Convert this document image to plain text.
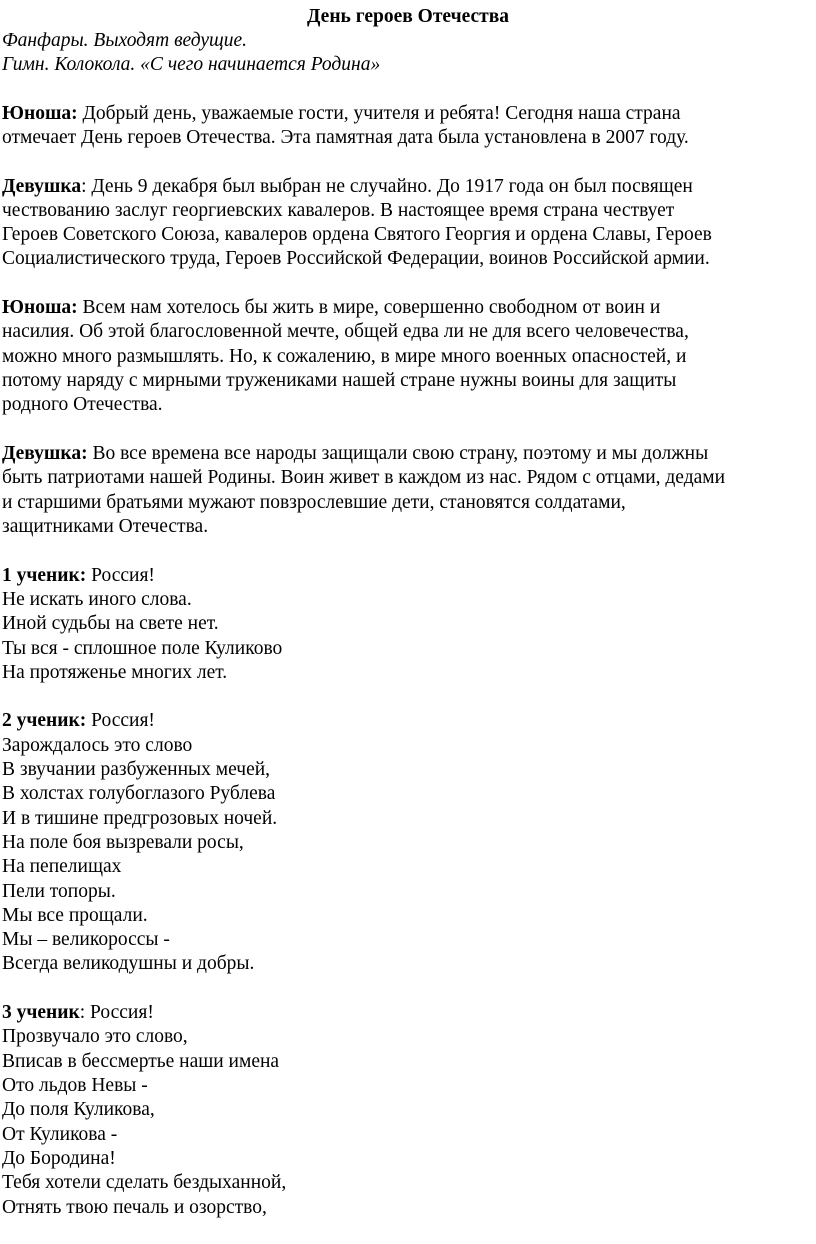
День героев Отечества
Фанфары. Выходят ведущие.
Гимн. Колокола. «С чего начинается Родина»
Юноша: Добрый день, уважаемые гости, учителя и ребята! Сегодня наша страна
отмечает День героев Отечества. Эта памятная дата была установлена в 2007 году.
Девушка: День 9 декабря был выбран не случайно. До 1917 года он был посвящен
чествованию заслуг георгиевских кавалеров. В настоящее время страна чествует
Героев Советского Союза, кавалеров ордена Святого Георгия и ордена Славы, Героев
Социалистического труда, Героев Российской Федерации, воинов Российской армии.
Юноша: Всем нам хотелось бы жить в мире, совершенно свободном от воин и
насилия. Об этой благословенной мечте, общей едва ли не для всего человечества,
можно много размышлять. Но, к сожалению, в мире много военных опасностей, и
потому наряду с мирными тружениками нашей стране нужны воины для защиты
родного Отечества.
Девушка: Во все времена все народы защищали свою страну, поэтому и мы должны
быть патриотами нашей Родины. Воин живет в каждом из нас. Рядом с отцами, дедами
и старшими братьями мужают повзрослевшие дети, становятся солдатами,
защитниками Отечества.
1 ученик: Россия!
Не искать иного слова.
Иной судьбы на свете нет.
Ты вся - сплошное поле Куликово
На протяженье многих лет.
2 ученик: Россия!
Зарождалось это слово
В звучании разбуженных мечей,
В холстах голубоглазого Рублева
И в тишине предгрозовых ночей.
На поле боя вызревали росы,
На пепелищах
Пели топоры.
Мы все прощали.
Мы – великороссы -
Всегда великодушны и добры.
3 ученик: Россия!
Прозвучало это слово,
Вписав в бессмертье наши имена
Ото льдов Невы -
До поля Куликова,
От Куликова -
До Бородина!
Тебя хотели сделать бездыханной,
Отнять твою печаль и озорство,
